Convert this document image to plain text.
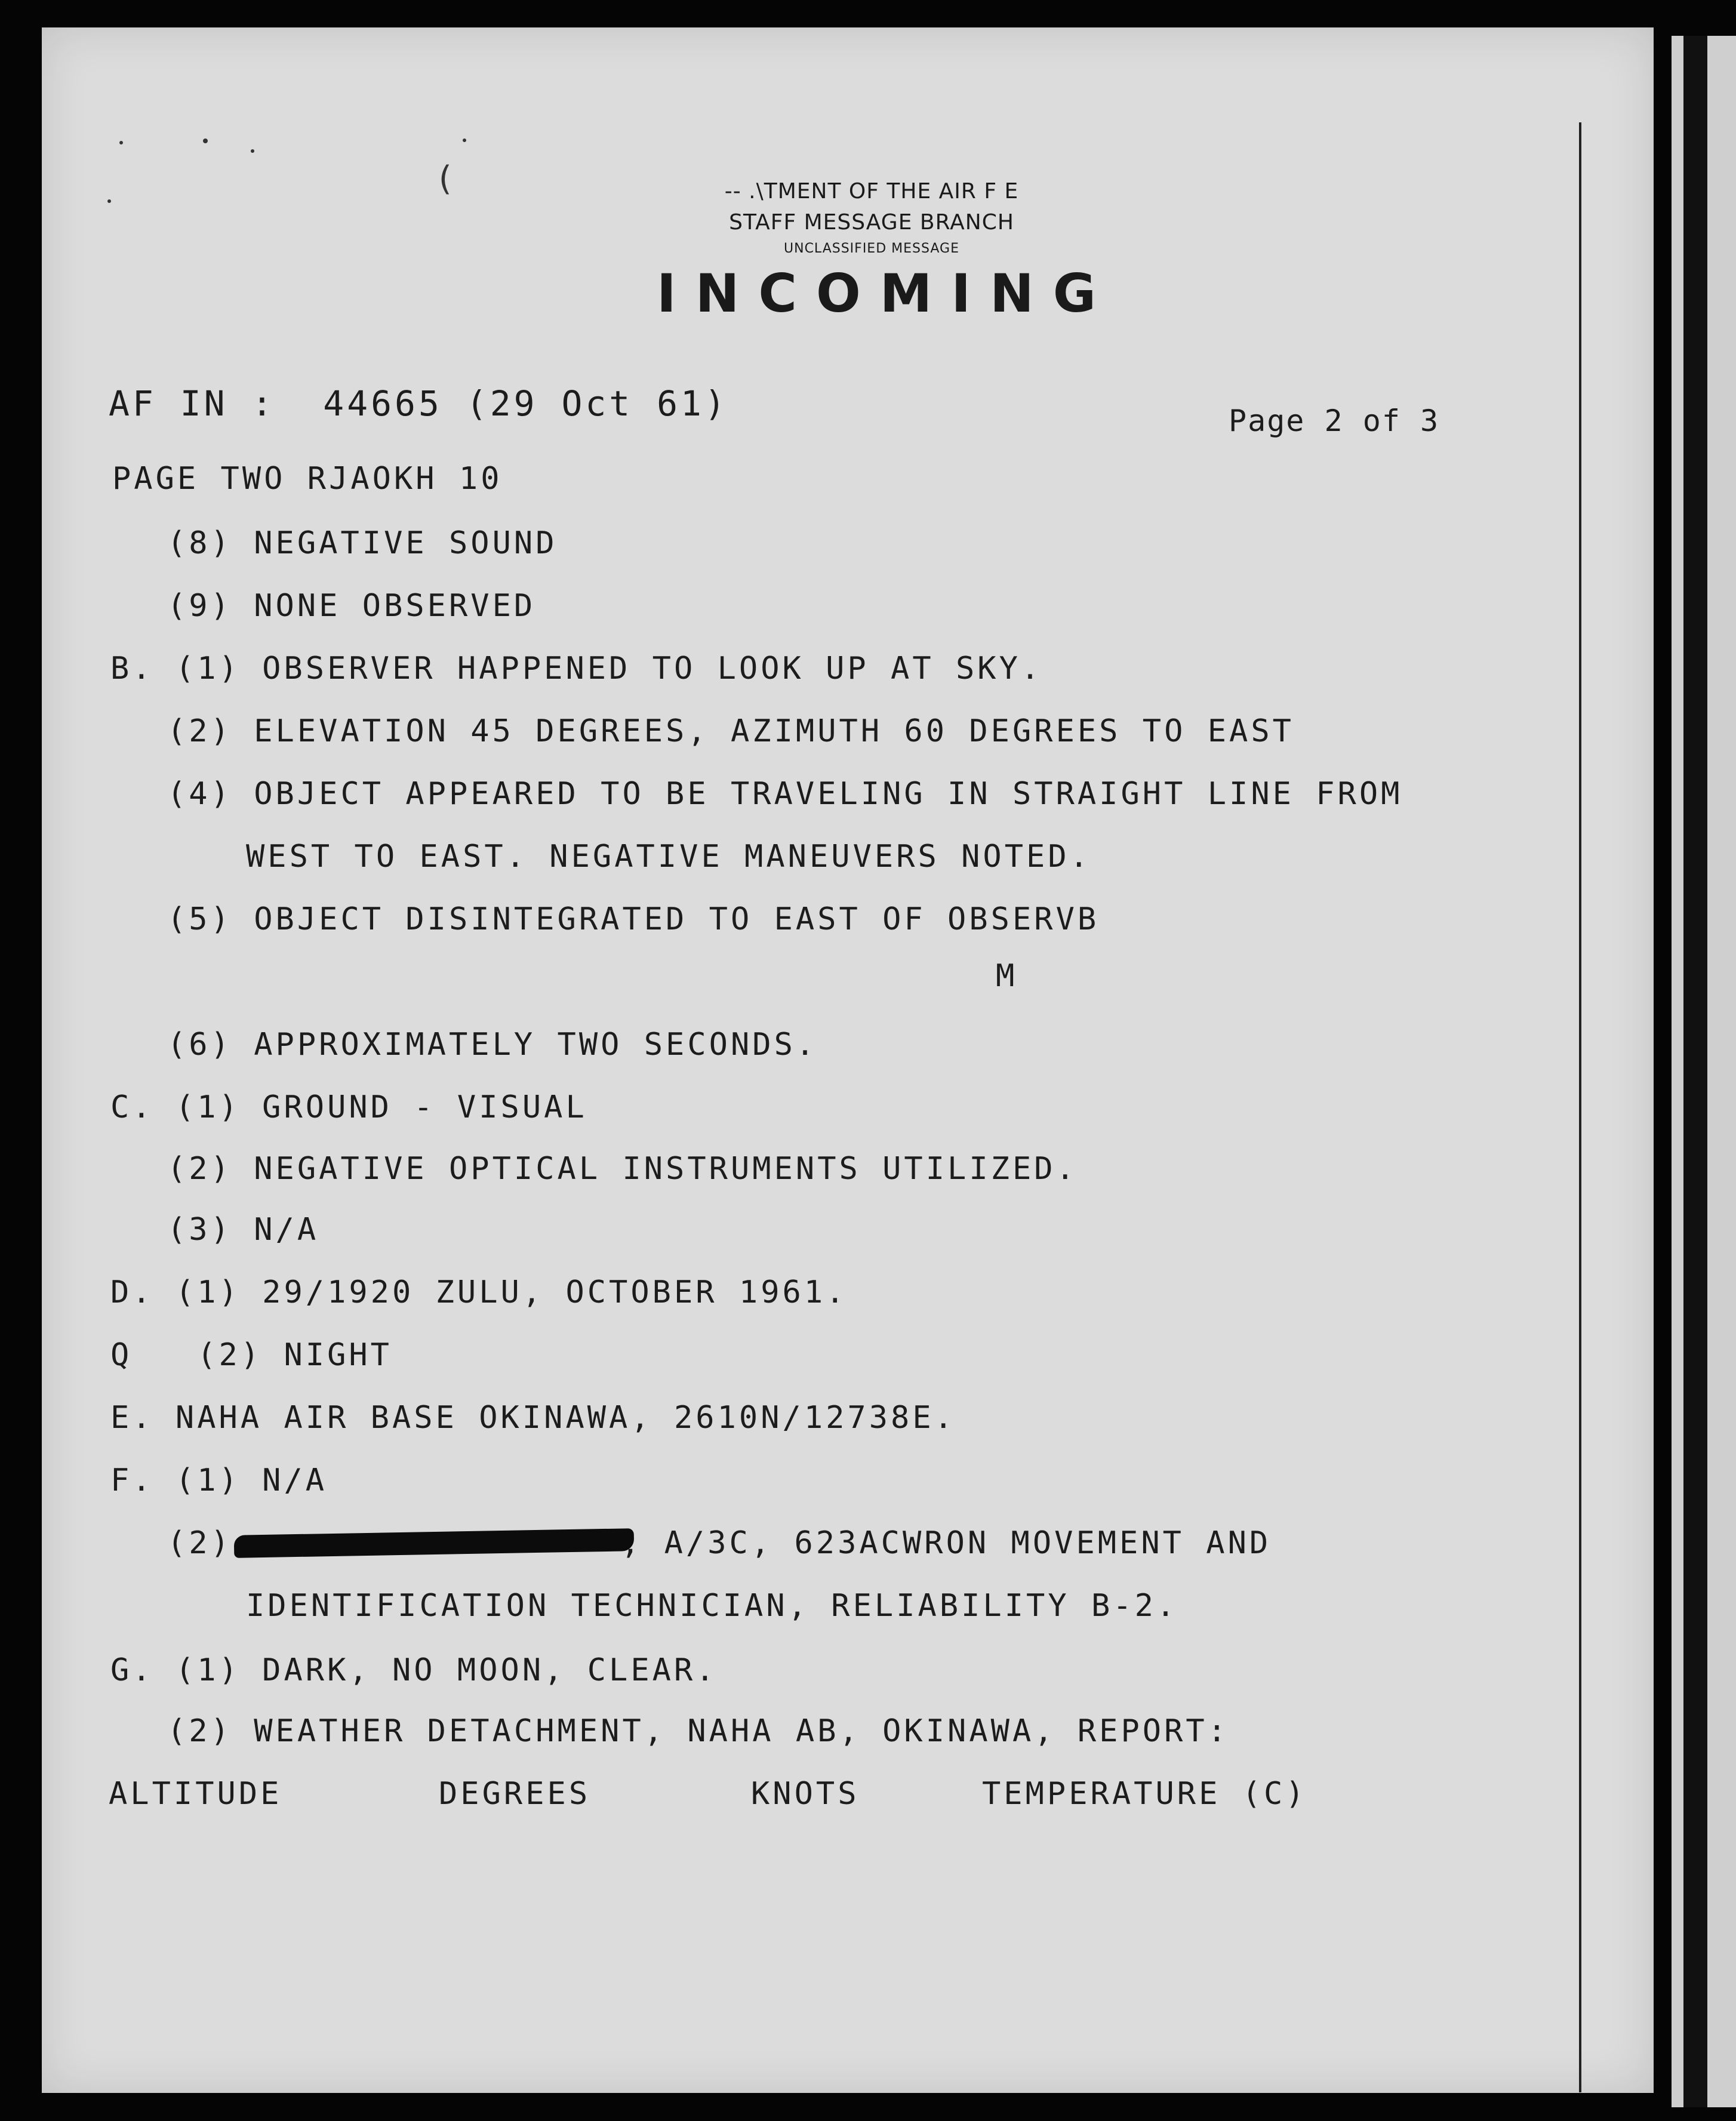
(	-- .\TMENT OF THE AIR F E
STAFF MESSAGE BRANCH
UNCLASSIFIED MESSAGE
INCOMING
AF IN :  44665 (29 Oct 61)	Page 2 of 3
PAGE TWO RJAOKH 10
(8) NEGATIVE SOUND
(9) NONE OBSERVED
B. (1) OBSERVER HAPPENED TO LOOK UP AT SKY.
(2) ELEVATION 45 DEGREES, AZIMUTH 60 DEGREES TO EAST
(4) OBJECT APPEARED TO BE TRAVELING IN STRAIGHT LINE FROM
WEST TO EAST. NEGATIVE MANEUVERS NOTED.
(5) OBJECT DISINTEGRATED TO EAST OF OBSERVB
M
(6) APPROXIMATELY TWO SECONDS.
C. (1) GROUND - VISUAL
(2) NEGATIVE OPTICAL INSTRUMENTS UTILIZED.
(3) N/A
D. (1) 29/1920 ZULU, OCTOBER 1961.
Q   (2) NIGHT
E. NAHA AIR BASE OKINAWA, 2610N/12738E.
F. (1) N/A
(2)	, A/3C, 623ACWRON MOVEMENT AND
IDENTIFICATION TECHNICIAN, RELIABILITY B-2.
G. (1) DARK, NO MOON, CLEAR.
(2) WEATHER DETACHMENT, NAHA AB, OKINAWA, REPORT:
ALTITUDE	DEGREES	KNOTS	TEMPERATURE (C)
